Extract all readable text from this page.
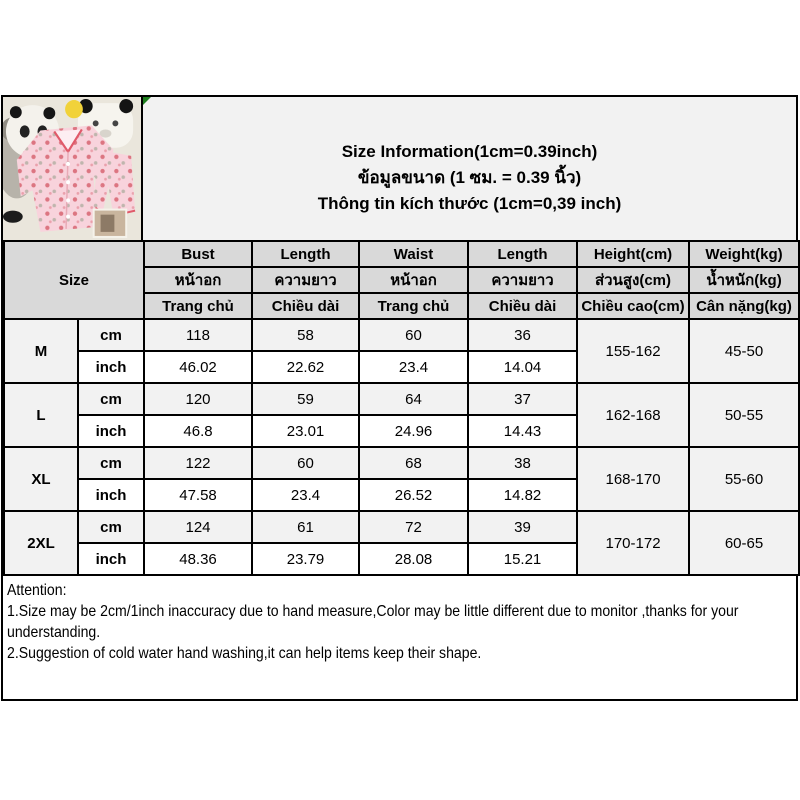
Size Information(1cm=0.39inch)
ข้อมูลขนาด (1 ซม. = 0.39 นิ้ว)
Thông tin kích thước (1cm=0,39 inch)
Size		Bust	Length	Waist	Length	Height(cm)	Weight(kg)
		หน้าอก	ความยาว	หน้าอก	ความยาว	ส่วนสูง(cm)	น้ำหนัก(kg)
		Trang chủ	Chiều dài	Trang chủ	Chiều dài	Chiều cao(cm)	Cân nặng(kg)
M	cm	118	58	60	36	155-162	45-50
	inch	46.02	22.62	23.4	14.04		
L	cm	120	59	64	37	162-168	50-55
	inch	46.8	23.01	24.96	14.43		
XL	cm	122	60	68	38	168-170	55-60
	inch	47.58	23.4	26.52	14.82		
2XL	cm	124	61	72	39	170-172	60-65
	inch	48.36	23.79	28.08	15.21		
Attention:
1.Size may be 2cm/1inch inaccuracy due to hand measure,Color may be little different due to monitor ,thanks for your understanding.
2.Suggestion of cold water hand washing,it can help items keep their shape.
